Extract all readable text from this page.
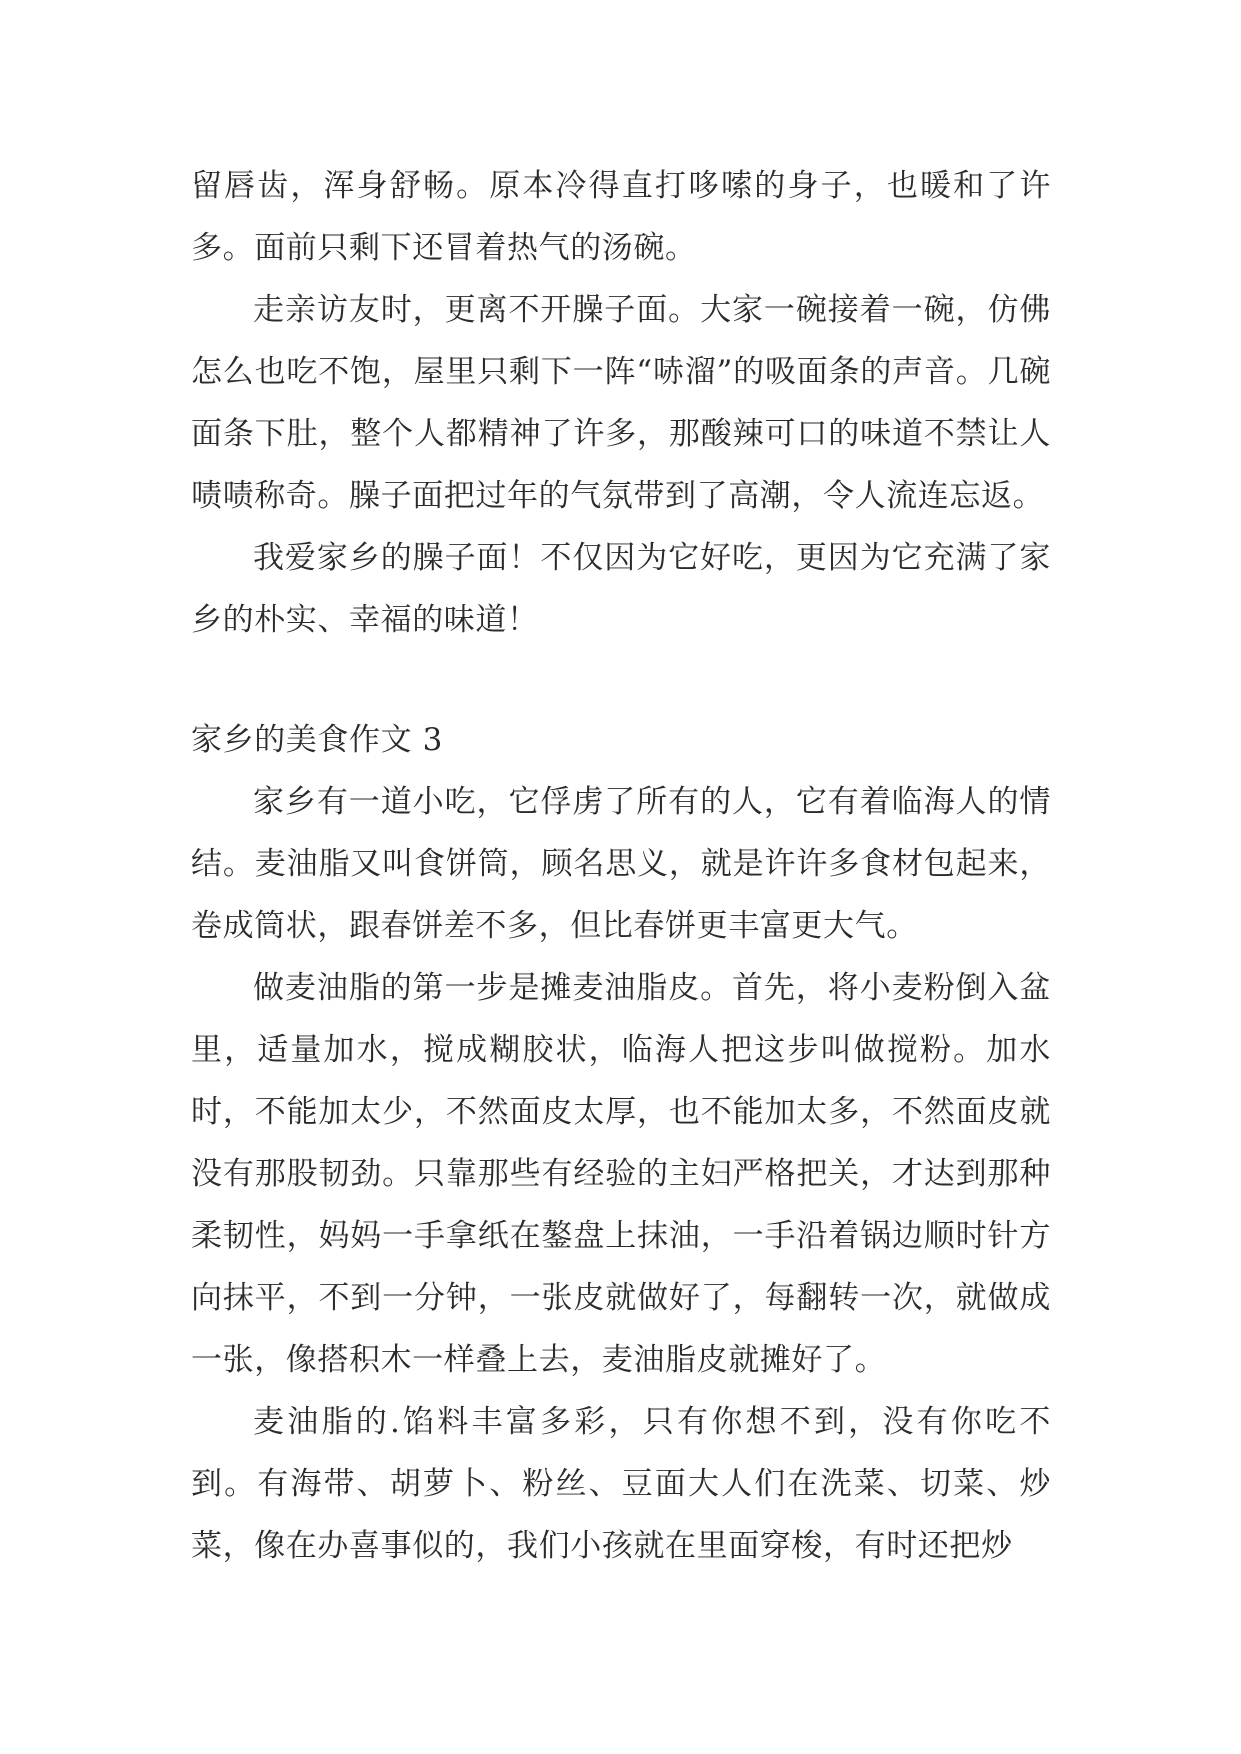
留唇齿，浑身舒畅。原本冷得直打哆嗦的身子，也暖和了许多。面前只剩下还冒着热气的汤碗。

走亲访友时，更离不开臊子面。大家一碗接着一碗，仿佛怎么也吃不饱，屋里只剩下一阵“哧溜”的吸面条的声音。几碗面条下肚，整个人都精神了许多，那酸辣可口的味道不禁让人啧啧称奇。臊子面把过年的气氛带到了高潮，令人流连忘返。

我爱家乡的臊子面！不仅因为它好吃，更因为它充满了家乡的朴实、幸福的味道！

家乡的美食作文 3

家乡有一道小吃，它俘虏了所有的人，它有着临海人的情结。麦油脂又叫食饼筒，顾名思义，就是许许多食材包起来，卷成筒状，跟春饼差不多，但比春饼更丰富更大气。

做麦油脂的第一步是摊麦油脂皮。首先，将小麦粉倒入盆里，适量加水，搅成糊胶状，临海人把这步叫做搅粉。加水时，不能加太少，不然面皮太厚，也不能加太多，不然面皮就没有那股韧劲。只靠那些有经验的主妇严格把关，才达到那种柔韧性，妈妈一手拿纸在鏊盘上抹油，一手沿着锅边顺时针方向抹平，不到一分钟，一张皮就做好了，每翻转一次，就做成一张，像搭积木一样叠上去，麦油脂皮就摊好了。

麦油脂的.馅料丰富多彩，只有你想不到，没有你吃不到。有海带、胡萝卜、粉丝、豆面大人们在洗菜、切菜、炒菜，像在办喜事似的，我们小孩就在里面穿梭，有时还把炒
